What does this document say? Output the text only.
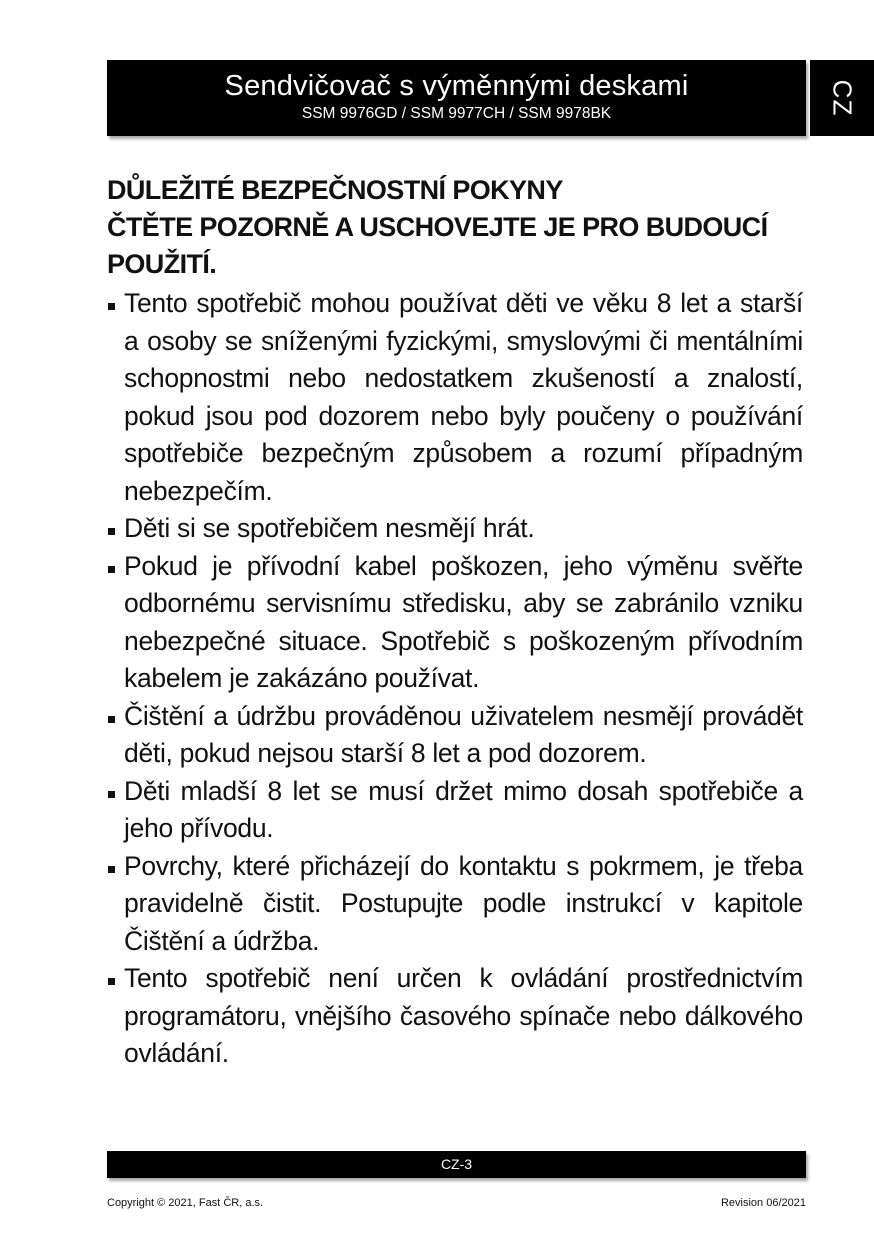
Sendvičovač s výměnnými deskami
SSM 9976GD / SSM 9977CH / SSM 9978BK	CZ
DŮLEŽITÉ BEZPEČNOSTNÍ POKYNY
ČTĚTE POZORNĚ A USCHOVEJTE JE PRO BUDOUCÍ POUŽITÍ.
Tento spotřebič mohou používat děti ve věku 8 let a starší a osoby se sníženými fyzickými, smyslovými či mentálními schopnostmi nebo nedostatkem zkušeností a znalostí, pokud jsou pod dozorem nebo byly poučeny o používání spotřebiče bezpečným způsobem a rozumí případným nebezpečím.
Děti si se spotřebičem nesmějí hrát.
Pokud je přívodní kabel poškozen, jeho výměnu svěřte odbornému servisnímu středisku, aby se zabránilo vzniku nebezpečné situace. Spotřebič s poškozeným přívodním kabelem je zakázáno používat.
Čištění a údržbu prováděnou uživatelem nesmějí provádět děti, pokud nejsou starší 8 let a pod dozorem.
Děti mladší 8 let se musí držet mimo dosah spotřebiče a jeho přívodu.
Povrchy, které přicházejí do kontaktu s pokrmem, je třeba pravidelně čistit. Postupujte podle instrukcí v kapitole Čištění a údržba.
Tento spotřebič není určen k ovládání prostřednictvím programátoru, vnějšího časového spínače nebo dálkového ovládání.
CZ-3
Copyright © 2021, Fast ČR, a.s.	Revision 06/2021
